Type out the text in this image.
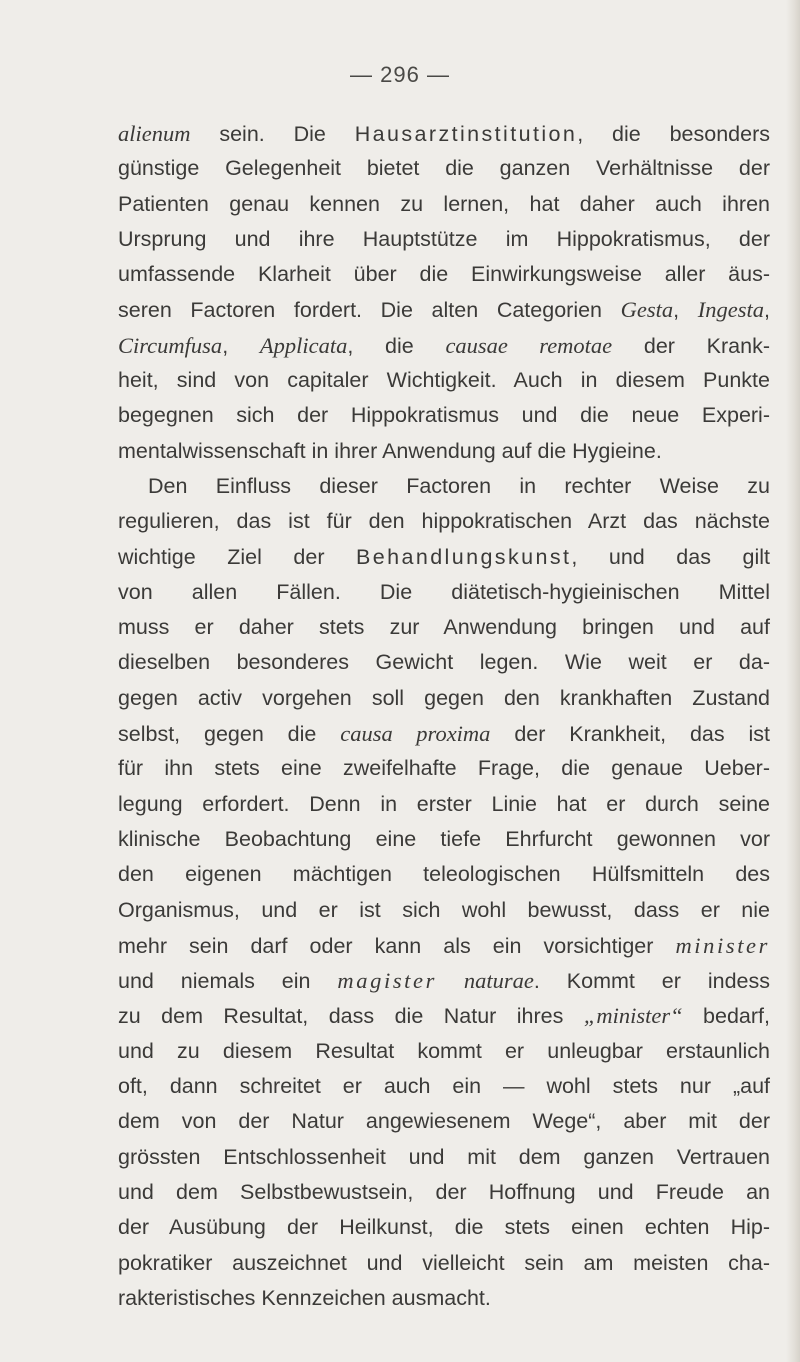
— 296 —
alienum sein. Die Hausarztinstitution, die besonders
günstige Gelegenheit bietet die ganzen Verhältnisse der
Patienten genau kennen zu lernen, hat daher auch ihren
Ursprung und ihre Hauptstütze im Hippokratismus, der
umfassende Klarheit über die Einwirkungsweise aller äus-
seren Factoren fordert. Die alten Categorien Gesta, Ingesta,
Circumfusa, Applicata, die causae remotae der Krank-
heit, sind von capitaler Wichtigkeit. Auch in diesem Punkte
begegnen sich der Hippokratismus und die neue Experi-
mentalwissenschaft in ihrer Anwendung auf die Hygieine.
Den Einfluss dieser Factoren in rechter Weise zu
regulieren, das ist für den hippokratischen Arzt das nächste
wichtige Ziel der Behandlungskunst, und das gilt
von allen Fällen. Die diätetisch-hygieinischen Mittel
muss er daher stets zur Anwendung bringen und auf
dieselben besonderes Gewicht legen. Wie weit er da-
gegen activ vorgehen soll gegen den krankhaften Zustand
selbst, gegen die causa proxima der Krankheit, das ist
für ihn stets eine zweifelhafte Frage, die genaue Ueber-
legung erfordert. Denn in erster Linie hat er durch seine
klinische Beobachtung eine tiefe Ehrfurcht gewonnen vor
den eigenen mächtigen teleologischen Hülfsmitteln des
Organismus, und er ist sich wohl bewusst, dass er nie
mehr sein darf oder kann als ein vorsichtiger minister
und niemals ein magister naturae. Kommt er indess
zu dem Resultat, dass die Natur ihres „minister“ bedarf,
und zu diesem Resultat kommt er unleugbar erstaunlich
oft, dann schreitet er auch ein — wohl stets nur „auf
dem von der Natur angewiesenem Wege“, aber mit der
grössten Entschlossenheit und mit dem ganzen Vertrauen
und dem Selbstbewustsein, der Hoffnung und Freude an
der Ausübung der Heilkunst, die stets einen echten Hip-
pokratiker auszeichnet und vielleicht sein am meisten cha-
rakteristisches Kennzeichen ausmacht.
